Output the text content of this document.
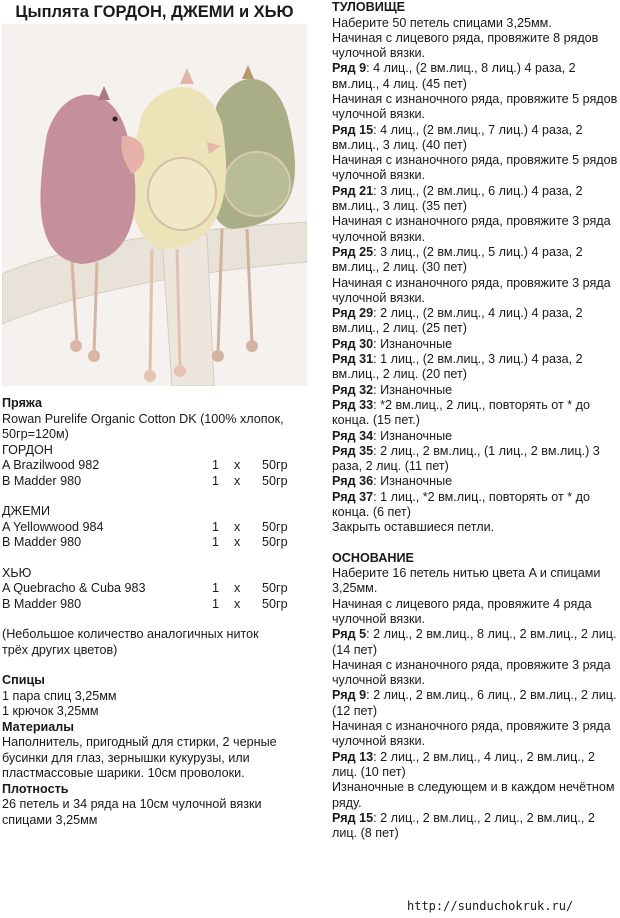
Цыплята ГОРДОН, ДЖЕМИ и ХЬЮ

Пряжа

Rowan Purelife Organic Cotton DK (100% хлопок, 50гр=120м)

ГОРДОН

A Brazilwood 982	1	x	50гр
B Madder 980	1	x	50гр

ДЖЕМИ

A Yellowwood 984	1	x	50гр
B Madder 980	1	x	50гр

ХЬЮ

A Quebracho & Cuba 983	1	x	50гр
B Madder 980	1	x	50гр

(Небольшое количество аналогичных ниток трёх других цветов)

Спицы

1 пара спиц 3,25мм

1 крючок 3,25мм

Материалы

Наполнитель, пригодный для стирки, 2 черные бусинки для глаз, зернышки кукурузы, или пластмассовые шарики. 10см проволоки.

Плотность

26 петель и 34 ряда на 10см чулочной вязки спицами 3,25мм

ТУЛОВИЩЕ

Наберите 50 петель спицами 3,25мм.

Начиная с лицевого ряда, провяжите 8 рядов чулочной вязки.

Ряд 9: 4 лиц., (2 вм.лиц., 8 лиц.) 4 раза, 2 вм.лиц., 4 лиц. (45 пет)

Начиная с изнаночного ряда, провяжите 5 рядов чулочной вязки.

Ряд 15: 4 лиц., (2 вм.лиц., 7 лиц.) 4 раза, 2 вм.лиц., 3 лиц. (40 пет)

Начиная с изнаночного ряда, провяжите 5 рядов чулочной вязки.

Ряд 21: 3 лиц., (2 вм.лиц., 6 лиц.) 4 раза, 2 вм.лиц., 3 лиц. (35 пет)

Начиная с изнаночного ряда, провяжите 3 ряда чулочной вязки.

Ряд 25: 3 лиц., (2 вм.лиц., 5 лиц.) 4 раза, 2 вм.лиц., 2 лиц. (30 пет)

Начиная с изнаночного ряда, провяжите 3 ряда чулочной вязки.

Ряд 29: 2 лиц., (2 вм.лиц., 4 лиц.) 4 раза, 2 вм.лиц., 2 лиц. (25 пет)

Ряд 30: Изнаночные

Ряд 31: 1 лиц., (2 вм.лиц., 3 лиц.) 4 раза, 2 вм.лиц., 2 лиц. (20 пет)

Ряд 32: Изнаночные

Ряд 33: *2 вм.лиц., 2 лиц., повторять от * до конца. (15 пет.)

Ряд 34: Изнаночные

Ряд 35: 2 лиц., 2 вм.лиц., (1 лиц., 2 вм.лиц.) 3 раза, 2 лиц. (11 пет)

Ряд 36: Изнаночные

Ряд 37: 1 лиц., *2 вм.лиц., повторять от * до конца. (6 пет)

Закрыть оставшиеся петли.

ОСНОВАНИЕ

Наберите 16 петель нитью цвета A и спицами 3,25мм.

Начиная с лицевого ряда, провяжите 4 ряда чулочной вязки.

Ряд 5: 2 лиц., 2 вм.лиц., 8 лиц., 2 вм.лиц., 2 лиц. (14 пет)

Начиная с изнаночного ряда, провяжите 3 ряда чулочной вязки.

Ряд 9: 2 лиц., 2 вм.лиц., 6 лиц., 2 вм.лиц., 2 лиц. (12 пет)

Начиная с изнаночного ряда, провяжите 3 ряда чулочной вязки.

Ряд 13: 2 лиц., 2 вм.лиц., 4 лиц., 2 вм.лиц., 2 лиц. (10 пет)

Изнаночные в следующем и в каждом нечётном ряду.

Ряд 15: 2 лиц., 2 вм.лиц., 2 лиц., 2 вм.лиц., 2 лиц. (8 пет)

http://sunduchokruk.ru/
